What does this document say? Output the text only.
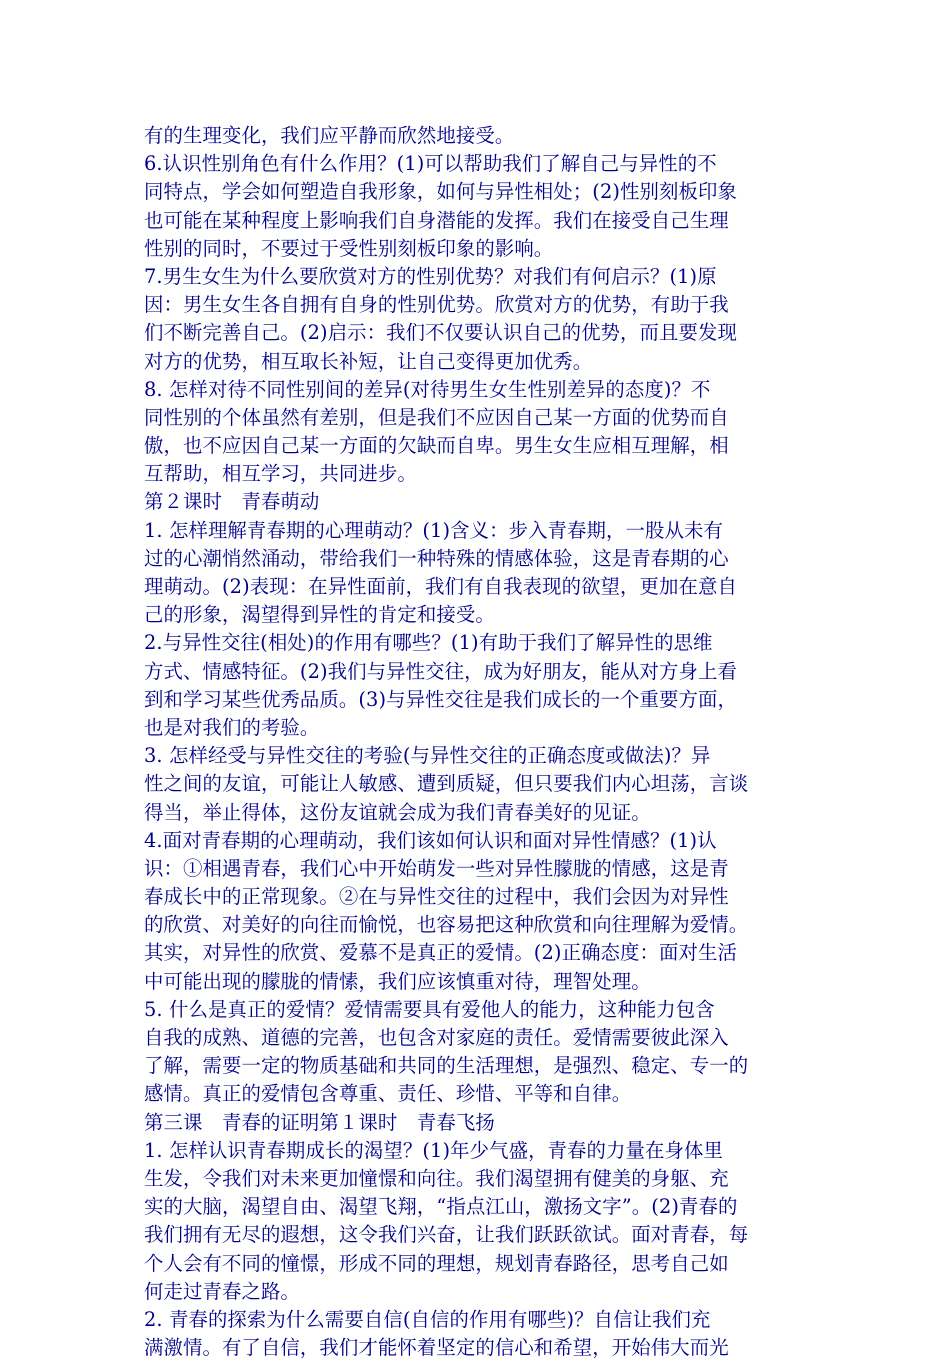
有的生理变化，我们应平静而欣然地接受。
6.认识性别角色有什么作用？(1)可以帮助我们了解自己与异性的不
同特点，学会如何塑造自我形象，如何与异性相处；(2)性别刻板印象
也可能在某种程度上影响我们自身潜能的发挥。我们在接受自己生理
性别的同时，不要过于受性别刻板印象的影响。
7.男生女生为什么要欣赏对方的性别优势？对我们有何启示？(1)原
因：男生女生各自拥有自身的性别优势。欣赏对方的优势，有助于我
们不断完善自己。(2)启示：我们不仅要认识自己的优势，而且要发现
对方的优势，相互取长补短，让自己变得更加优秀。
8. 怎样对待不同性别间的差异(对待男生女生性别差异的态度)？不
同性别的个体虽然有差别，但是我们不应因自己某一方面的优势而自
傲，也不应因自己某一方面的欠缺而自卑。男生女生应相互理解，相
互帮助，相互学习，共同进步。
第２课时　青春萌动
1. 怎样理解青春期的心理萌动？(1)含义：步入青春期，一股从未有
过的心潮悄然涌动，带给我们一种特殊的情感体验，这是青春期的心
理萌动。(2)表现：在异性面前，我们有自我表现的欲望，更加在意自
己的形象，渴望得到异性的肯定和接受。
2.与异性交往(相处)的作用有哪些？(1)有助于我们了解异性的思维
方式、情感特征。(2)我们与异性交往，成为好朋友，能从对方身上看
到和学习某些优秀品质。(3)与异性交往是我们成长的一个重要方面，
也是对我们的考验。
3. 怎样经受与异性交往的考验(与异性交往的正确态度或做法)？异
性之间的友谊，可能让人敏感、遭到质疑，但只要我们内心坦荡，言谈
得当，举止得体，这份友谊就会成为我们青春美好的见证。
4.面对青春期的心理萌动，我们该如何认识和面对异性情感？(1)认
识：①相遇青春，我们心中开始萌发一些对异性朦胧的情感，这是青
春成长中的正常现象。②在与异性交往的过程中，我们会因为对异性
的欣赏、对美好的向往而愉悦，也容易把这种欣赏和向往理解为爱情。
其实，对异性的欣赏、爱慕不是真正的爱情。(2)正确态度：面对生活
中可能出现的朦胧的情愫，我们应该慎重对待，理智处理。
5. 什么是真正的爱情？爱情需要具有爱他人的能力，这种能力包含
自我的成熟、道德的完善，也包含对家庭的责任。爱情需要彼此深入
了解，需要一定的物质基础和共同的生活理想，是强烈、稳定、专一的
感情。真正的爱情包含尊重、责任、珍惜、平等和自律。
第三课　青春的证明第１课时　青春飞扬
1. 怎样认识青春期成长的渴望？(1)年少气盛，青春的力量在身体里
生发，令我们对未来更加憧憬和向往。我们渴望拥有健美的身躯、充
实的大脑，渴望自由、渴望飞翔，“指点江山，激扬文字”。(2)青春的
我们拥有无尽的遐想，这令我们兴奋，让我们跃跃欲试。面对青春，每
个人会有不同的憧憬，形成不同的理想，规划青春路径，思考自己如
何走过青春之路。
2. 青春的探索为什么需要自信(自信的作用有哪些)？自信让我们充
满激情。有了自信，我们才能怀着坚定的信心和希望，开始伟大而光
